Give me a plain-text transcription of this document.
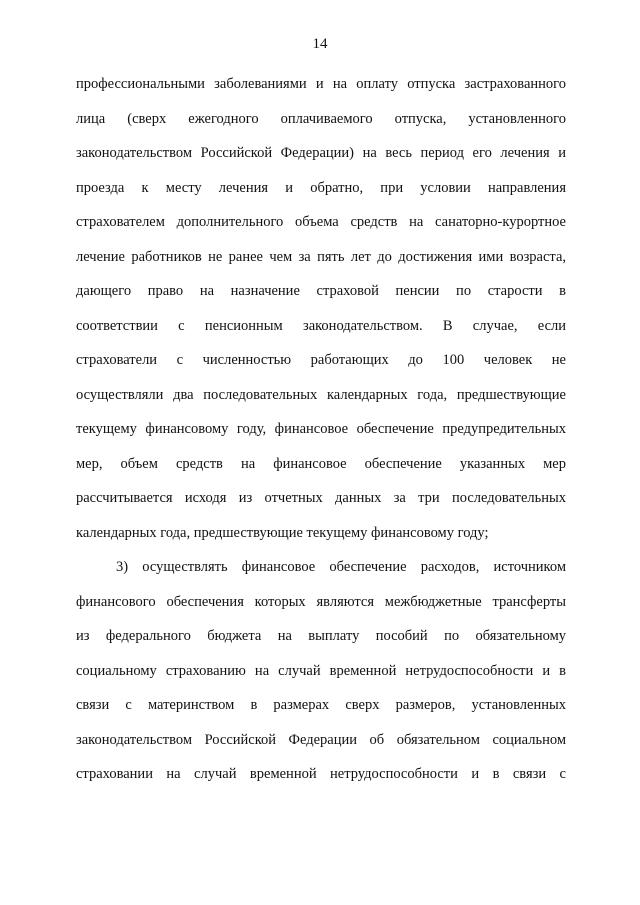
14
профессиональными заболеваниями и на оплату отпуска застрахованного
лица (сверх ежегодного оплачиваемого отпуска, установленного
законодательством Российской Федерации) на весь период его лечения и
проезда к месту лечения и обратно, при условии направления
страхователем дополнительного объема средств на санаторно-курортное
лечение работников не ранее чем за пять лет до достижения ими возраста,
дающего право на назначение страховой пенсии по старости в
соответствии с пенсионным законодательством. В случае, если
страхователи с численностью работающих до 100 человек не
осуществляли два последовательных календарных года, предшествующие
текущему финансовому году, финансовое обеспечение предупредительных
мер, объем средств на финансовое обеспечение указанных мер
рассчитывается исходя из отчетных данных за три последовательных
календарных года, предшествующие текущему финансовому году;
3) осуществлять финансовое обеспечение расходов, источником
финансового обеспечения которых являются межбюджетные трансферты
из федерального бюджета на выплату пособий по обязательному
социальному страхованию на случай временной нетрудоспособности и в
связи с материнством в размерах сверх размеров, установленных
законодательством Российской Федерации об обязательном социальном
страховании на случай временной нетрудоспособности и в связи с
